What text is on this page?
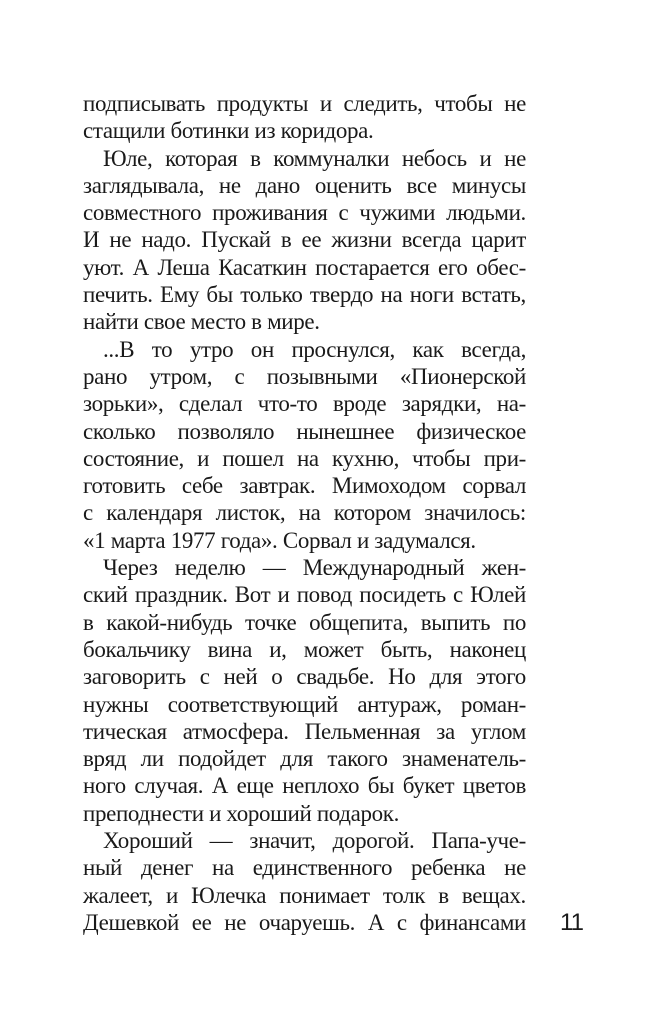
подписывать продукты и следить, чтобы не
стащили ботинки из коридора.
Юле, которая в коммуналки небось и не
заглядывала, не дано оценить все минусы
совместного проживания с чужими людьми.
И не надо. Пускай в ее жизни всегда царит
уют. А Леша Касаткин постарается его обес-
печить. Ему бы только твердо на ноги встать,
найти свое место в мире.
...В то утро он проснулся, как всегда,
рано утром, с позывными «Пионерской
зорьки», сделал что-то вроде зарядки, на-
сколько позволяло нынешнее физическое
состояние, и пошел на кухню, чтобы при-
готовить себе завтрак. Мимоходом сорвал
с календаря листок, на котором значилось:
«1 марта 1977 года». Сорвал и задумался.
Через неделю — Международный жен-
ский праздник. Вот и повод посидеть с Юлей
в какой-нибудь точке общепита, выпить по
бокальчику вина и, может быть, наконец
заговорить с ней о свадьбе. Но для этого
нужны соответствующий антураж, роман-
тическая атмосфера. Пельменная за углом
вряд ли подойдет для такого знаменатель-
ного случая. А еще неплохо бы букет цветов
преподнести и хороший подарок.
Хороший — значит, дорогой. Папа-уче-
ный денег на единственного ребенка не
жалеет, и Юлечка понимает толк в вещах.
Дешевкой ее не очаруешь. А с финансами 11
